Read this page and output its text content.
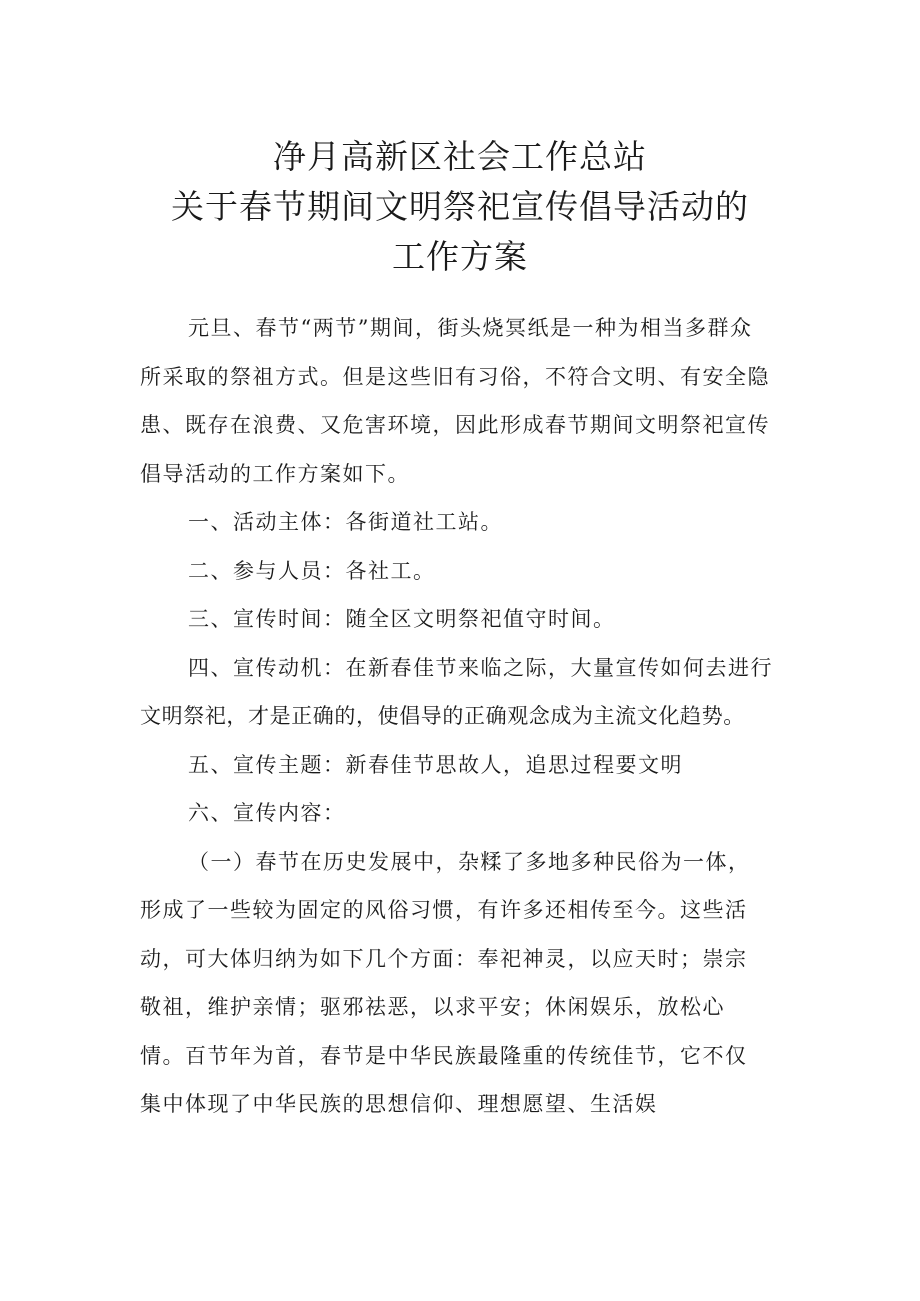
净月高新区社会工作总站
关于春节期间文明祭祀宣传倡导活动的
工作方案
元旦、春节“两节”期间，街头烧冥纸是一种为相当多群众
所采取的祭祖方式。但是这些旧有习俗，不符合文明、有安全隐
患、既存在浪费、又危害环境，因此形成春节期间文明祭祀宣传
倡导活动的工作方案如下。
一、活动主体：各街道社工站。
二、参与人员：各社工。
三、宣传时间：随全区文明祭祀值守时间。
四、宣传动机：在新春佳节来临之际，大量宣传如何去进行
文明祭祀，才是正确的，使倡导的正确观念成为主流文化趋势。
五、宣传主题：新春佳节思故人，追思过程要文明
六、宣传内容：
（一）春节在历史发展中，杂糅了多地多种民俗为一体，
形成了一些较为固定的风俗习惯，有许多还相传至今。这些活
动，可大体归纳为如下几个方面：奉祀神灵，以应天时；崇宗
敬祖，维护亲情；驱邪祛恶，以求平安；休闲娱乐，放松心
情。百节年为首，春节是中华民族最隆重的传统佳节，它不仅
集中体现了中华民族的思想信仰、理想愿望、生活娱
